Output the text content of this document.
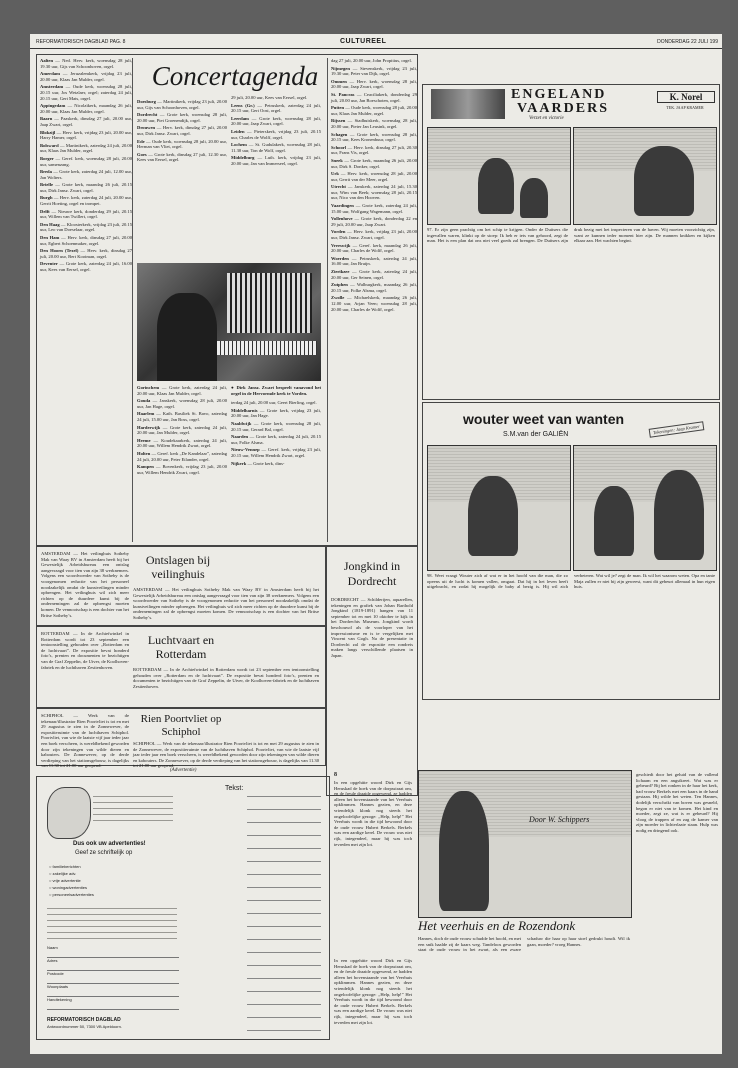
REFORMATORISCH DAGBLAD PAG. 8	CULTUREEL	DONDERDAG 22 JULI 199
Aalten — Ned. Herv. kerk, woensdag 28 juli, 19.30 uur, Gijs van Schoonhoven, orgel.
Amerdam — Jeruzalemkerk, vrijdag 23 juli, 20.00 uur, Klaas Jan Mulder, orgel.
Amsterdam — Oude kerk, woensdag 28 juli, 20.15 uur, Jos Wetzlaer, orgel; zaterdag 24 juli, 20.15 uur, Gert Mats, orgel.
Appingedam — Nicolaïkerk, maandag 26 juli, 20.00 uur, Klaas Jan Mulder, orgel.
Baarn — Paaskerk, dinsdag 27 juli, 20.00 uur, Jaap Zwart, orgel.
Blokzijl — Herv. kerk, vrijdag 23 juli, 20.00 uur, Harry Hamer, orgel.
Bolsward — Martinikerk, zaterdag 24 juli, 20.00 uur, Klaas Jan Mulder, orgel.
Borger — Geref. kerk, woensdag 28 juli, 20.00 uur, samenzang.
Breda — Grote kerk, zaterdag 24 juli, 12.00 uur, Jan Wolters.
Brielle — Grote kerk, maandag 26 juli, 20.15 uur, Dirk Jansz. Zwart, orgel.
Burgh — Herv. kerk, zaterdag 24 juli, 20.00 uur, Gerrit Hoeting, orgel en trompet.
Delft — Nieuwe kerk, donderdag 29 juli, 20.15 uur, Willem van Twillert, orgel.
Den Haag — Kloosterkerk, vrijdag 23 juli, 20.15 uur, Leo van Doeselaar, orgel.
Den Ham — Herv. kerk, dinsdag 27 juli, 20.00 uur, Egbert Schoenmaker, orgel.
Den Hoorn (Texel) — Herv. kerk, dinsdag 27 juli, 20.00 uur, Bert Kooiman, orgel.
Deventer — Grote kerk, zaterdag 24 juli, 16.00 uur, Kees van Eersel, orgel.
Concertagenda
Doesburg — Martinikerk, vrijdag 23 juli, 20.00 uur, Gijs van Schoonhoven, orgel.
Dordrecht — Grote kerk, woensdag 28 juli, 20.00 uur, Piet Groenendijk, orgel.
Drouwen — Herv. kerk, dinsdag 27 juli, 20.00 uur, Dirk Jansz. Zwart, orgel.
Ede — Oude kerk, woensdag 28 juli, 20.00 uur, Herman van Vliet, orgel.
Goes — Grote kerk, dinsdag 27 juli, 12.30 uur, Kees van Eersel, orgel.
29 juli, 20.00 uur, Kees van Eersel, orgel.
Leens (Gr.) — Petruskerk, zaterdag 24 juli, 20.15 uur, Gert Oost, orgel.
Leerdam — Grote kerk, woensdag 28 juli, 20.00 uur, Jaap Zwart, orgel.
Leiden — Pieterskerk, vrijdag 23 juli, 20.15 uur, Charles de Wolff, orgel.
Lochem — St. Gudulakerk, woensdag 28 juli, 11.30 uur, Ton de Wolf, orgel.
Middelburg — Luth. kerk, vrijdag 23 juli, 20.00 uur, Jan van Immerseel, orgel.
dag 27 juli, 20.00 uur, John Propitius, orgel.
Nijmegen — Stevenskerk, vrijdag 23 juli, 19.30 uur, Peter van Dijk, orgel.
Ommen — Herv. kerk, woensdag 28 juli, 20.00 uur, Jaap Zwart, orgel.
St. Pancras — Ceaciliakerk, donderdag 29 juli, 20.00 uur, Jan Boeschoten, orgel.
Putten — Oude kerk, woensdag 28 juli, 20.00 uur, Klaas Jan Mulder, orgel.
Rijssen — Stadhuiskerk, woensdag 28 juli, 20.00 uur, Pieter Jan Leusink, orgel.
Schagen — Grote kerk, woensdag 28 juli, 20.15 uur, Kees Kronenbuur, orgel.
Schoorl — Herv. kerk, dinsdag 27 juli, 20.30 uur, Frans Vis, orgel.
Sneek — Grote kerk, maandag 26 juli, 20.00 uur, Dirk S. Donker, orgel.
Urk — Herv. kerk, woensdag 28 juli, 20.00 uur, Gerrit van der Meer, orgel.
Utrecht — Janskerk, zaterdag 24 juli, 15.30 uur, Wim van Beek; woensdag 28 juli, 20.15 uur, Nico van den Hooven.
Vaardingen — Grote kerk, zaterdag 24 juli, 15.00 uur, Wolfgang Wagemann, orgel.
Vollenhove — Grote kerk, donderdag 22 en 29 juli, 20.00 uur, Jaap Zwart.
Vorden — Herv. kerk, vrijdag 23 juli, 20.00 uur, Dirk Jansz. Zwart, orgel.
Vreeswijk — Geref. kerk, maandag 26 juli, 20.00 uur, Charles de Wolff, orgel.
Woerden — Petruskerk, zaterdag 24 juli, 16.00 uur, Jan Bruijn.
Zierikzee — Grote kerk, zaterdag 24 juli, 20.00 uur, Ger Seinen, orgel.
Zutphen — Walburgkerk, maandag 26 juli, 20.15 uur, Folke Alsma, orgel.
Zwolle — Michaelskerk, maandag 26 juli, 12.00 uur, Arjan Veen; woensdag 28 juli, 20.00 uur, Charles de Wolff, orgel.
Gorinchem — Grote kerk, zaterdag 24 juli, 20.00 uur, Klaas Jan Mulder, orgel.
Gouda — Janskerk, woensdag 28 juli, 20.00 uur, Jan Hage, orgel.
Haarlem — Kath. Basiliek St. Bavo, zaterdag 24 juli, 15.00 uur, Jan Boss, orgel.
Harderwijk — Grote kerk, zaterdag 24 juli, 20.00 uur, Jan Mulder, orgel.
Heeme — Koudekaarkerk, zaterdag 24 juli, 20.00 uur, Willem Hendrik Zwart, orgel.
Holten — Geref. kerk „De Kandelaar”, zaterdag 24 juli, 20.00 uur, Peter Eilander, orgel.
Kampen — Bovenkerk, vrijdag 23 juli, 20.00 uur, Willem Hendrik Zwart, orgel.
● Dirk Jansz. Zwart bespeelt vanavond het orgel in de Hervormde kerk te Vorden.
terdag 24 juli, 20.00 uur, Geert Bierling, orgel.
Middelharnis — Grote kerk, vrijdag 23 juli, 20.00 uur, Jan Hage.
Naaldwijk — Grote kerk, woensdag 28 juli, 20.15 uur, Gerard Bal, orgel.
Naarden — Grote kerk, zaterdag 24 juli, 20.15 uur, Folke Alsma.
Nieuw-Vennep — Geref. kerk, vrijdag 23 juli, 20.15 uur, Willem Hendrik Zwart, orgel.
Nijkerk — Grote kerk, dins-
Ontslagen bij veilinghuis
AMSTERDAM — Het veilinghuis Sotheby Mak van Waay BV in Amsterdam heeft bij het Gewestelijk Arbeidsbureau een ontslag aangevraagd voor tien van zijn 38 werknemers. Volgens een woordvoerder van Sotheby is de voorgenomen reductie van het personeel noodzakelijk omdat de kunstveilingen minder opbrengen. Het veilinghuis wil zich meer richten op de duurdere kunst bij de ondernemingen zal de opbrengst moeten komen. De vennootschap is een dochter van het Britse Sotheby’s.
AMSTERDAM — Het veilinghuis Sotheby Mak van Waay BV in Amsterdam heeft bij het Gewestelijk Arbeidsbureau een ontslag aangevraagd voor tien van zijn 38 werknemers. Volgens een woordvoerder van Sotheby is de voorgenomen reductie van het personeel noodzakelijk omdat de kunstveilingen minder opbrengen. Het veilinghuis wil zich meer richten op de duurdere kunst bij de ondernemingen zal de opbrengst moeten komen. De vennootschap is een dochter van het Britse Sotheby’s.
Jongkind in Dordrecht
DORDRECHT — Schilderijen, aquarellen, tekeningen en grafiek van Johan Barthold Jongkind (1819-1891) hangen van 11 september tot en met 10 oktober te kijk in het Dordrechts Museum. Jongkind wordt beschouwd als de voorloper van het impressionisme en is te vergelijken met Vincent van Gogh. Na de presentatie in Dordrecht zal de expositie een rondreis maken langs verschillende plaatsen in Japan.
ROTTERDAM — In de Archiefwinkel in Rotterdam wordt tot 23 september een tentoonstelling gehouden over „Rotterdam en de luchtvaart”. De expositie bevat honderd foto’s, prenten en documenten te bezichtigen van de Graf Zeppelin, de Uiver, de Koolhoven-fabriek en de luchthaven Zestienhoven.
Luchtvaart en Rotterdam
ROTTERDAM — In de Archiefwinkel in Rotterdam wordt tot 23 september een tentoonstelling gehouden over „Rotterdam en de luchtvaart”. De expositie bevat honderd foto’s, prenten en documenten te bezichtigen van de Graf Zeppelin, de Uiver, de Koolhoven-fabriek en de luchthaven Zestienhoven.
SCHIPHOL — Werk van de tekenaar/illustrator Rien Poortvliet is tot en met 29 augustus te zien in de Zonnewever, de expositieruimte van de luchthaven Schiphol. Poortvliet, van wie de laatste vijf jaar ieder jaar een boek verscheen, is wereldbekend geworden door zijn tekeningen van wilde dieren en kabouters. De Zonnewever, op de derde verdieping van het stationsgebouw, is dagelijks van 11.30 tot 21.00 uur geopend.
Rien Poortvliet op Schiphol
SCHIPHOL — Werk van de tekenaar/illustrator Rien Poortvliet is tot en met 29 augustus te zien in de Zonnewever, de expositieruimte van de luchthaven Schiphol. Poortvliet, van wie de laatste vijf jaar ieder jaar een boek verscheen, is wereldbekend geworden door zijn tekeningen van wilde dieren en kabouters. De Zonnewever, op de derde verdieping van het stationsgebouw, is dagelijks van 11.30 tot 21.00 uur geopend.
(Advertentie)
Dus ook uw advertenties!
Geef ze schriftelijk op
○ familieberichten
○ zakelijke adv.
○ vrije advertentie
○ woningadvertenties
○ personeelsadvertenties
Naam
Adres
Postcode
Woonplaats
Handtekening
REFORMATORISCH DAGBLAD
Antwoordnummer 50, 7300 VB Apeldoorn.
Tekst:
ENGELAND
VAARDERS
Verzet en victorie
K. Norel
TEK. JAAP KRAMER
97. Er zijn geen prachtig om het schip te krijgen. Onder de Duitsers die ingevallen waren, klinkt op de stoep: Ik heb er iets van gehoord, zegt de man. Het is een plan dat ons niet veel goeds zal brengen. De Duitsers zijn druk bezig met het inspecteren van de haven. Wij moeten voorzichtig zijn, want ze kunnen ieder moment hier zijn. De mannen knikken en kijken elkaar aan. Het wachten begint.
wouter weet van wanten
S.M.van der GALIËN	Tekeningen: Jaap Kramer
98. Weet vraagt Wouter zich af wat er in het hoofd van die man, die zo opeens uit de lucht is komen vallen, omgaat. Dat hij in het leven heeft uitgebracht, en zodat hij mogelijk de baby al bezig is. Hij wil zich verbeteren. Wat wil je? zegt de man. Ik wil het waarom weten. Opa en tante Maja zullen er niet bij zijn geweest, want dit gebeurt allemaal in hun eigen huis.
8
In een opgehitte woord Dirk en Gijs Heruskad de hoek van de dorpsstraat om, en de freule draaide opgewend, ze hadden alleen het bovenstaande van het Veerhuis opklimmen. Hannes gezien, en deze vriendelijk klonk nog steeds het ongeloofelijke gezoge: „Help, help!” Het Veerhuis wordt in die tijd bewoond door de oude vrouw Hubert Berkels. Berkels was een aardige kerel. De vrouw was niet rijk, integendeel, maar hij was toch tevreden met zijn lot.
Door W. Schippers
Het veerhuis en de Rozendonk
Hannes, doch de oude vrouw schudde het hoofd, en met een snik haalde zij de kaars weg. Tandeloos geworden staat de oude vrouw in het zwart, als een zware schaduw die haar op haar stoel gedrukt houdt. Wil ik gaan, moeder? vroeg Hannes.
geschiedt door het geluid van de vallend lichaam en een angstkreet. Wat was er gebeurd? Bij het ronken in de haar het kerk, had vrouw Berkels met een kaars in de hand gestaan. Hij wilde het weten. Ten Hannes, dodelijk verschrikt van boven was gesneld, begon er niet van te komen. Het kind en moeder, zegt ze, wat is er gebeurd? Hij vloog de trappen af en zag de kamer van zijn moeder in lichterlaaie staan. Hulp was nodig en dringend ook.
In een opgehitte woord Dirk en Gijs Heruskad de hoek van de dorpsstraat om, en de freule draaide opgewend, ze hadden alleen het bovenstaande van het Veerhuis opklimmen. Hannes gezien, en deze vriendelijk klonk nog steeds het ongeloofelijke gezoge: „Help, help!” Het Veerhuis wordt in die tijd bewoond door de oude vrouw Hubert Berkels. Berkels was een aardige kerel. De vrouw was niet rijk, integendeel, maar hij was toch tevreden met zijn lot.
